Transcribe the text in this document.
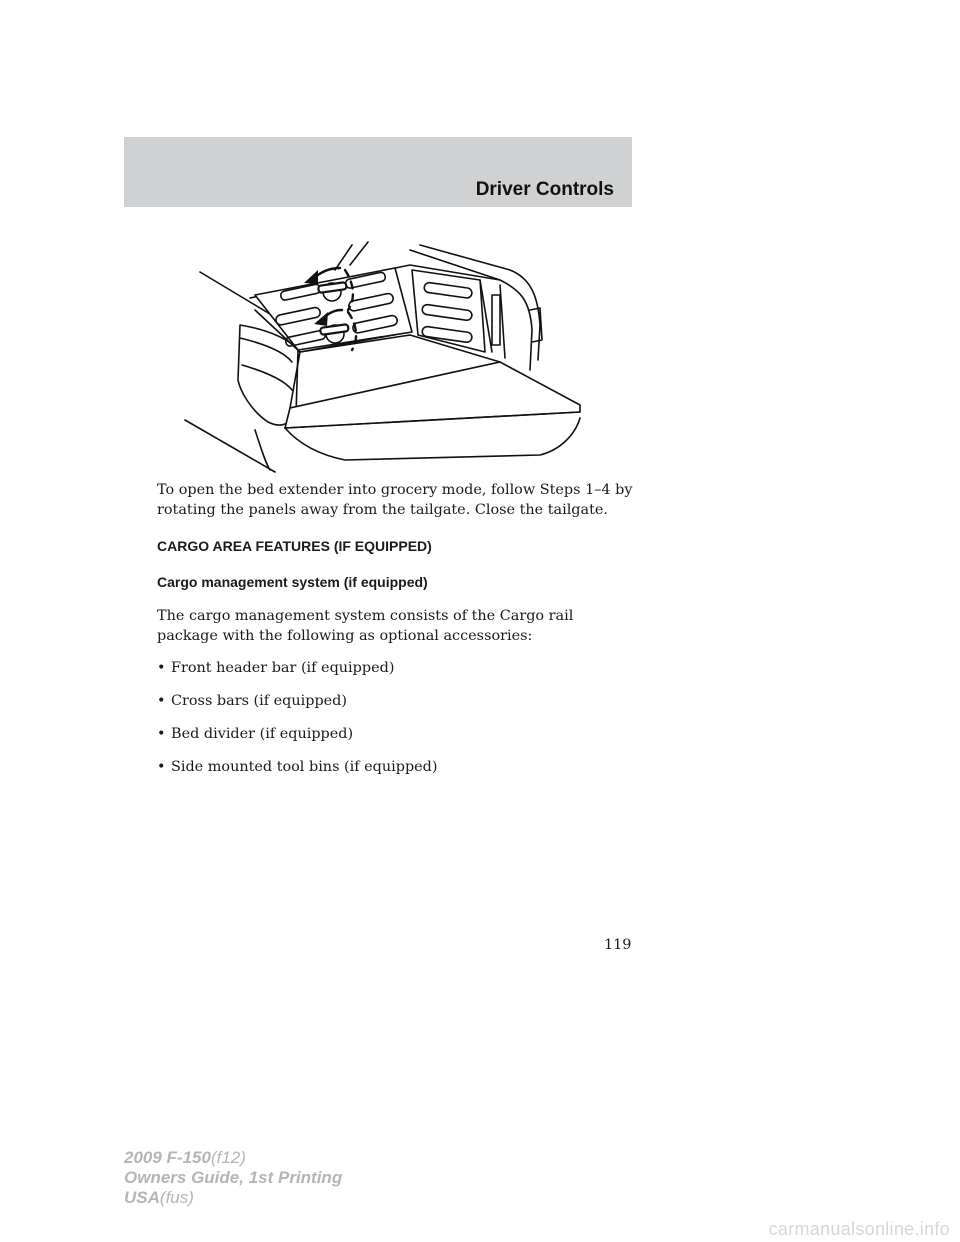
Driver Controls

To open the bed extender into grocery mode, follow Steps 1–4 by rotating the panels away from the tailgate. Close the tailgate.

CARGO AREA FEATURES (IF EQUIPPED)
Cargo management system (if equipped)

The cargo management system consists of the Cargo rail package with the following as optional accessories:

• Front header bar (if equipped)
• Cross bars (if equipped)
• Bed divider (if equipped)
• Side mounted tool bins (if equipped)
119
2009 F-150(f12)
Owners Guide, 1st Printing
USA(fus)
carmanualsonline.info
